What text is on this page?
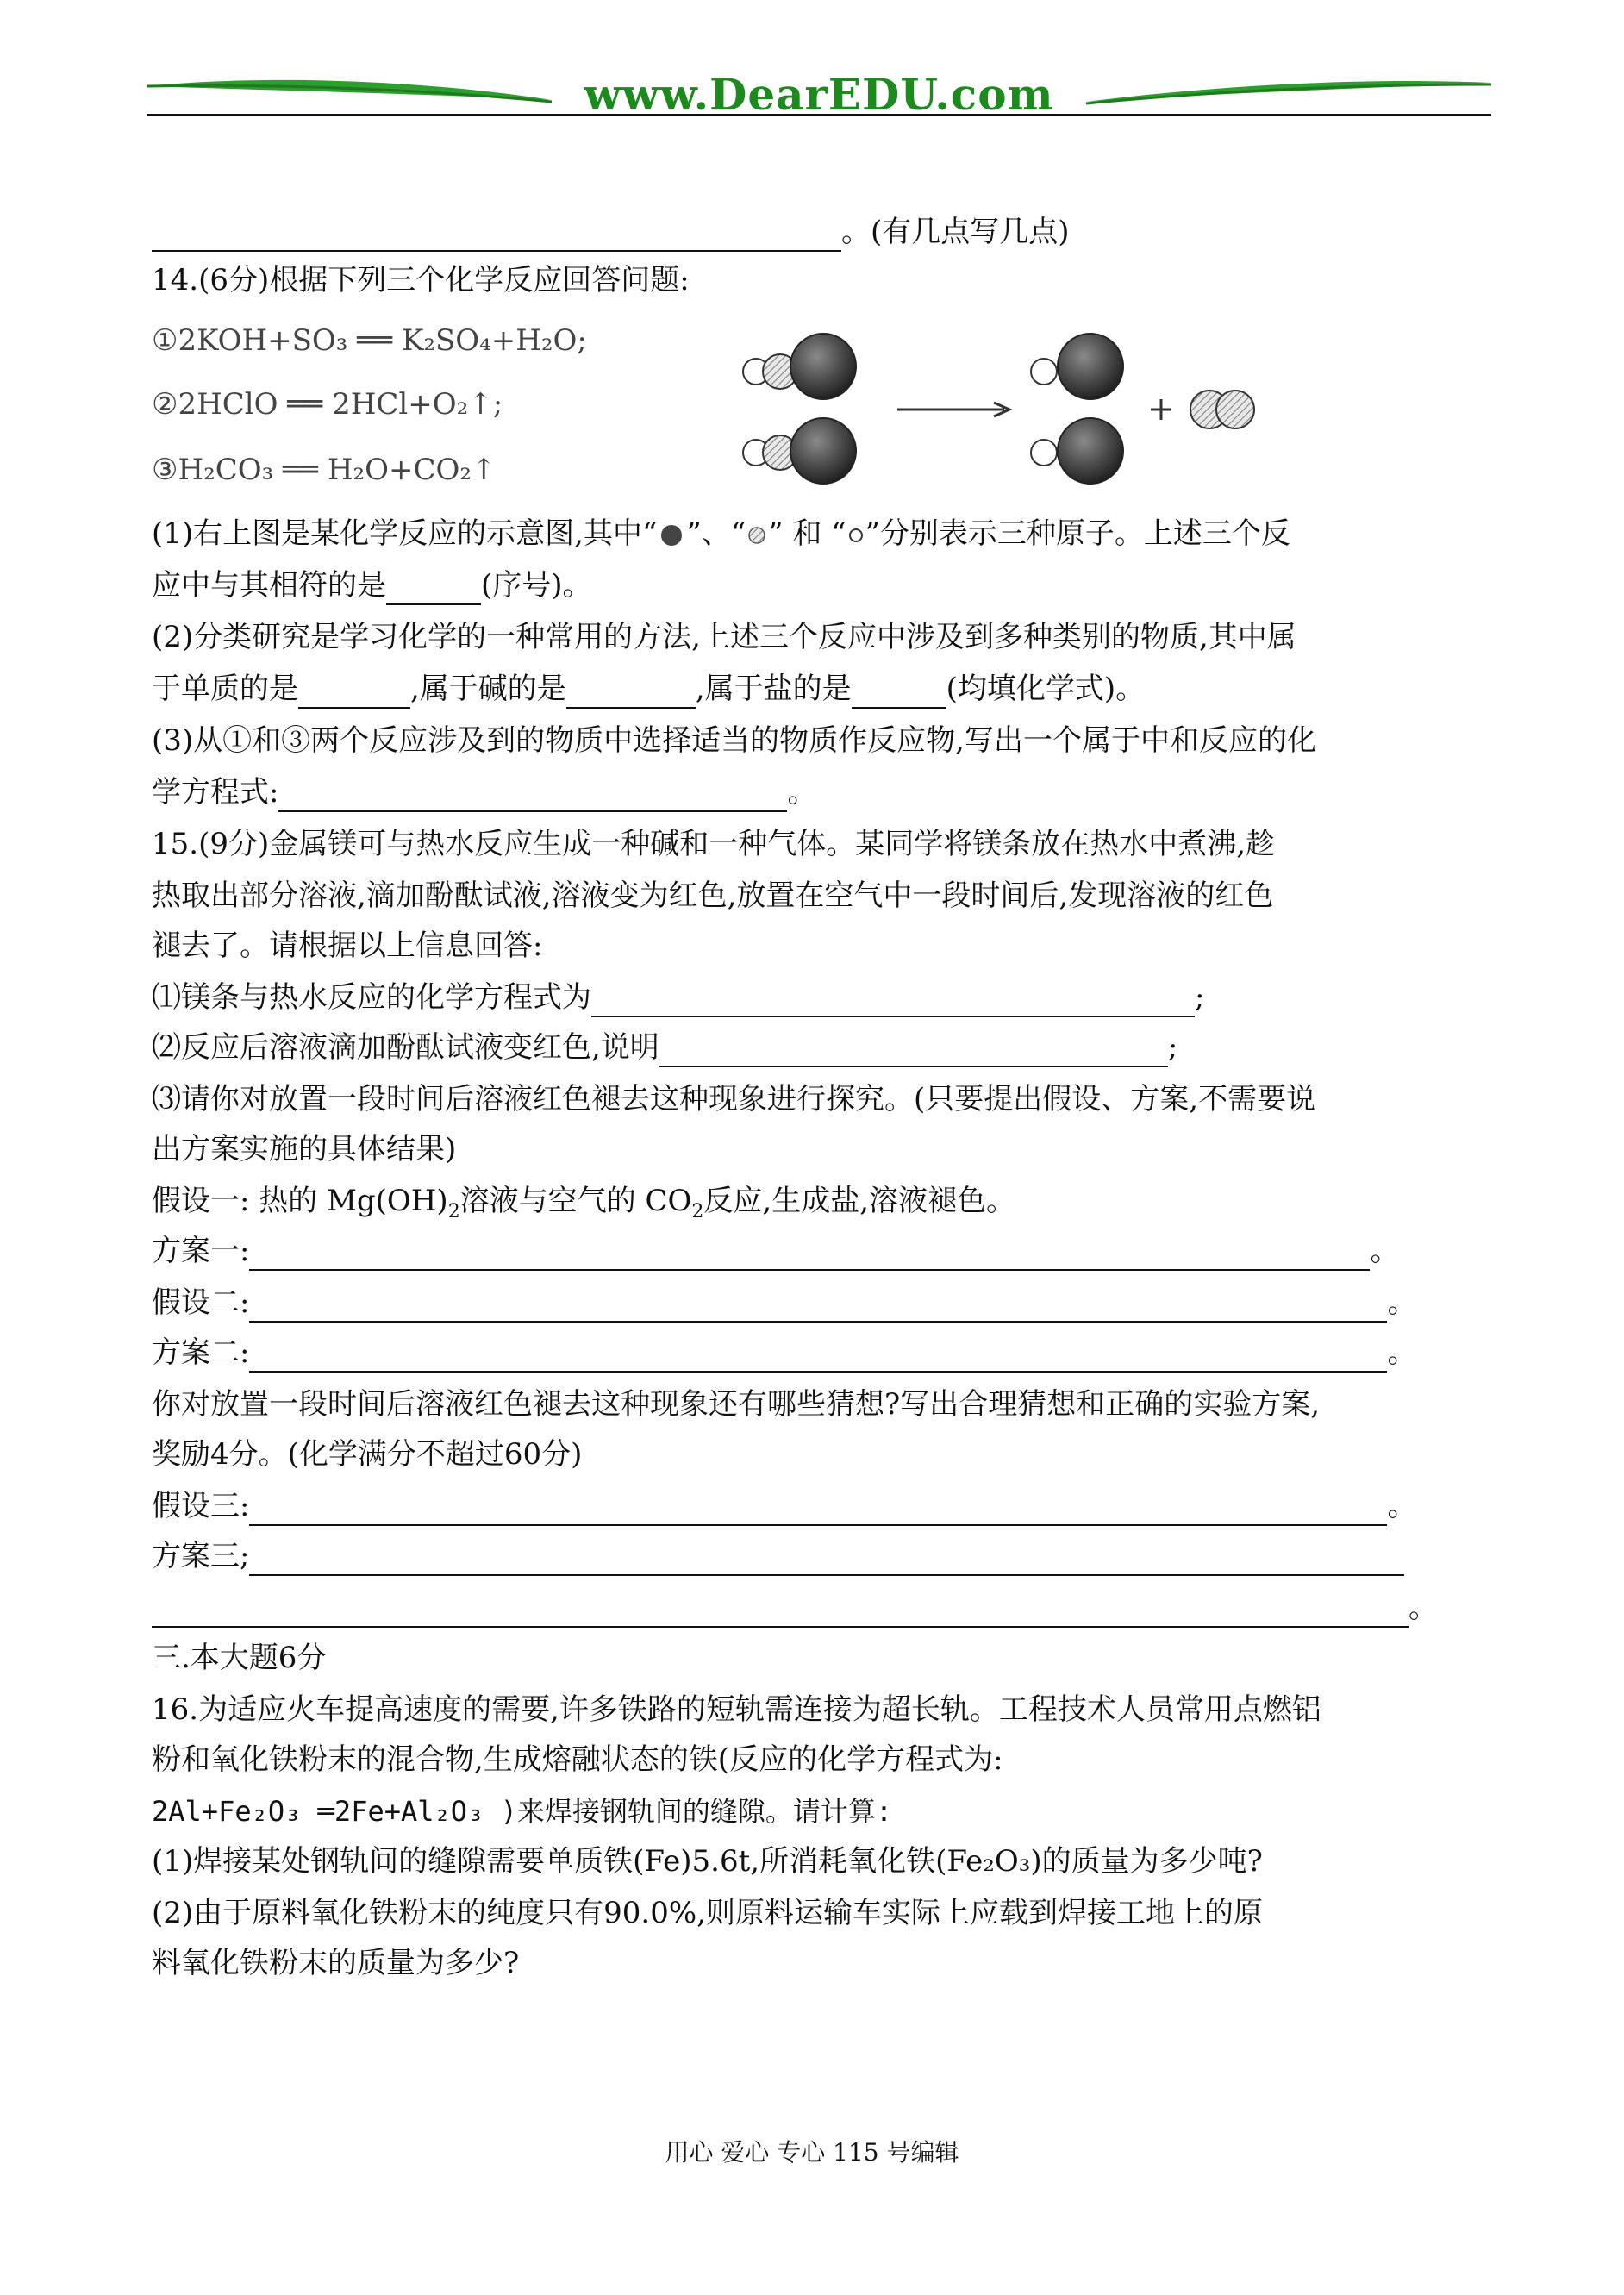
www.DearEDU.com
。(有几点写几点)
14.(6分)根据下列三个化学反应回答问题:
①2KOH+SO₃ ══ K₂SO₄+H₂O;
②2HClO ══ 2HCl+O₂↑;
③H₂CO₃ ══ H₂O+CO₂↑
(1)右上图是某化学反应的示意图,其中“ ”、“ ” 和 “ ”分别表示三种原子。上述三个反
应中与其相符的是	(序号)。
(2)分类研究是学习化学的一种常用的方法,上述三个反应中涉及到多种类别的物质,其中属
于单质的是	,属于碱的是	,属于盐的是	(均填化学式)。
(3)从①和③两个反应涉及到的物质中选择适当的物质作反应物,写出一个属于中和反应的化
学方程式:	。
15.(9分)金属镁可与热水反应生成一种碱和一种气体。某同学将镁条放在热水中煮沸,趁
热取出部分溶液,滴加酚酞试液,溶液变为红色,放置在空气中一段时间后,发现溶液的红色
褪去了。请根据以上信息回答:
⑴镁条与热水反应的化学方程式为	;
⑵反应后溶液滴加酚酞试液变红色,说明	;
⑶请你对放置一段时间后溶液红色褪去这种现象进行探究。(只要提出假设、方案,不需要说
出方案实施的具体结果)
假设一: 热的 $Mg(OH)_2$溶液与空气的 $CO_2$反应,生成盐,溶液褪色。
方案一:	。
假设二:	。
方案二:	。
你对放置一段时间后溶液红色褪去这种现象还有哪些猜想?写出合理猜想和正确的实验方案,
奖励4分。(化学满分不超过60分)
假设三:	。
方案三;
。
三.本大题6分
16.为适应火车提高速度的需要,许多铁路的短轨需连接为超长轨。工程技术人员常用点燃铝
粉和氧化铁粉末的混合物,生成熔融状态的铁(反应的化学方程式为:
2Al+Fe₂O₃ ═2Fe+Al₂O₃ )来焊接钢轨间的缝隙。请计算:
(1)焊接某处钢轨间的缝隙需要单质铁(Fe)5.6t,所消耗氧化铁(Fe₂O₃)的质量为多少吨?
(2)由于原料氧化铁粉末的纯度只有90.0%,则原料运输车实际上应载到焊接工地上的原
料氧化铁粉末的质量为多少?
用心 爱心 专心 115 号编辑
